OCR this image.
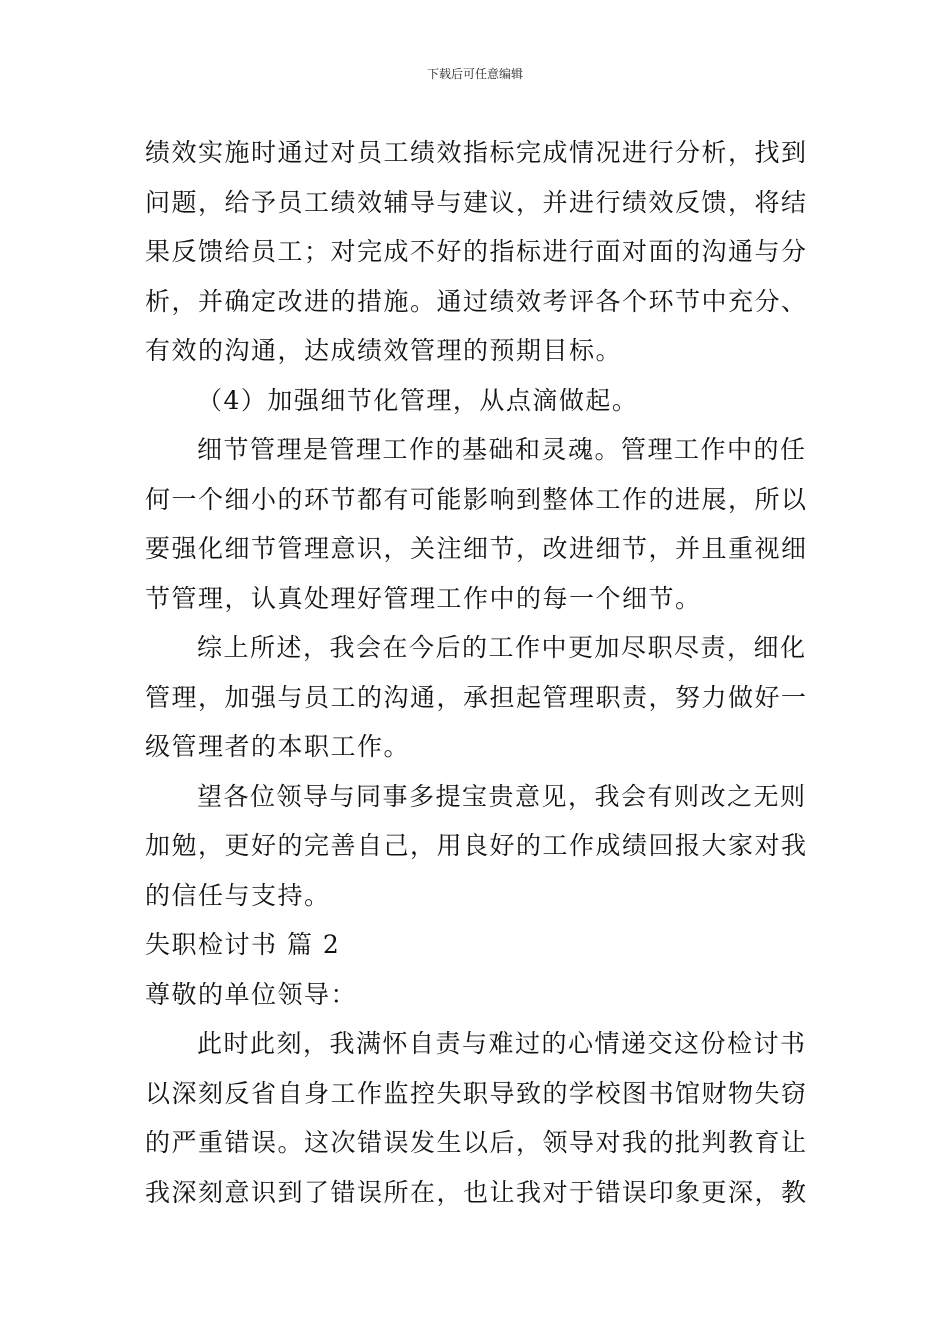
下载后可任意编辑

绩效实施时通过对员工绩效指标完成情况进行分析，找到
问题，给予员工绩效辅导与建议，并进行绩效反馈，将结
果反馈给员工；对完成不好的指标进行面对面的沟通与分
析，并确定改进的措施。通过绩效考评各个环节中充分、
有效的沟通，达成绩效管理的预期目标。

（4）加强细节化管理，从点滴做起。

细节管理是管理工作的基础和灵魂。管理工作中的任
何一个细小的环节都有可能影响到整体工作的进展，所以
要强化细节管理意识，关注细节，改进细节，并且重视细
节管理，认真处理好管理工作中的每一个细节。

综上所述，我会在今后的工作中更加尽职尽责，细化
管理，加强与员工的沟通，承担起管理职责，努力做好一
级管理者的本职工作。

望各位领导与同事多提宝贵意见，我会有则改之无则
加勉，更好的完善自己，用良好的工作成绩回报大家对我
的信任与支持。

失职检讨书 篇 2

尊敬的单位领导：

此时此刻，我满怀自责与难过的心情递交这份检讨书
以深刻反省自身工作监控失职导致的学校图书馆财物失窃
的严重错误。这次错误发生以后，领导对我的批判教育让
我深刻意识到了错误所在，也让我对于错误印象更深，教
